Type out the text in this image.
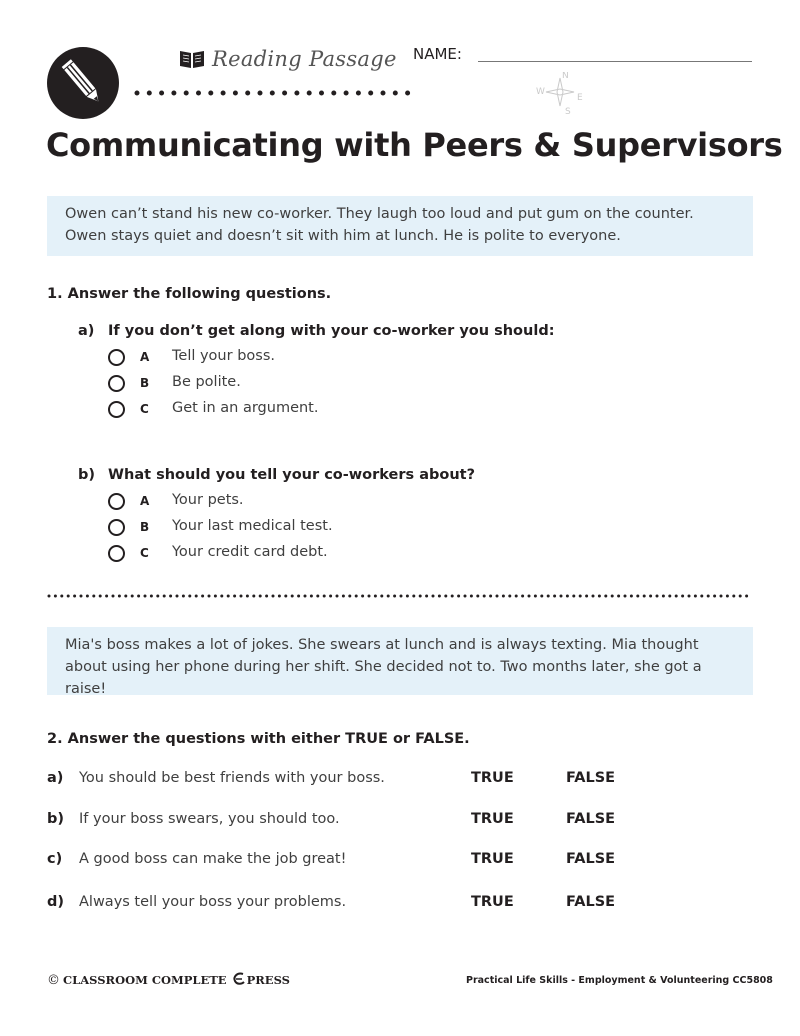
Reading Passage NAME:
N
E
S
W
Communicating with Peers & Supervisors
Owen can’t stand his new co-worker. They laugh too loud and put gum on the counter.
Owen stays quiet and doesn’t sit with him at lunch. He is polite to everyone.
1. Answer the following questions.
a) If you don’t get along with your co-worker you should:
A Tell your boss.
B Be polite.
C Get in an argument.
b) What should you tell your co-workers about?
A Your pets.
B Your last medical test.
C Your credit card debt.
Mia's boss makes a lot of jokes. She swears at lunch and is always texting. Mia thought
about using her phone during her shift. She decided not to. Two months later, she got a
raise!
2. Answer the questions with either TRUE or FALSE.
a) You should be best friends with your boss.	TRUE	FALSE
b) If your boss swears, you should too.	TRUE	FALSE
c) A good boss can make the job great!	TRUE	FALSE
d) Always tell your boss your problems.	TRUE	FALSE
© CLASSROOM COMPLETE PRESS	Practical Life Skills - Employment & Volunteering CC5808
